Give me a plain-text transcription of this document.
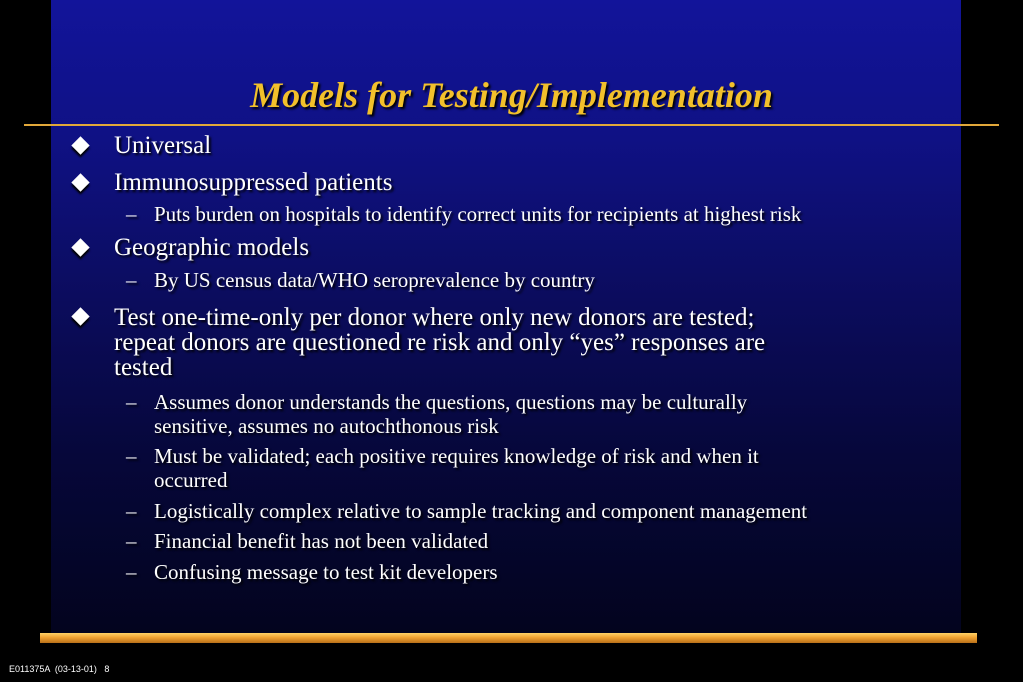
Models for Testing/Implementation
Universal
Immunosuppressed patients
– Puts burden on hospitals to identify correct units for recipients at highest risk
Geographic models
– By US census data/WHO seroprevalence by country
Test one-time-only per donor where only new donors are tested;
repeat donors are questioned re risk and only “yes” responses are
tested
– Assumes donor understands the questions, questions may be culturally
sensitive, assumes no autochthonous risk
– Must be validated; each positive requires knowledge of risk and when it
occurred
– Logistically complex relative to sample tracking and component management
– Financial benefit has not been validated
– Confusing message to test kit developers
E011375A  (03-13-01)   8
